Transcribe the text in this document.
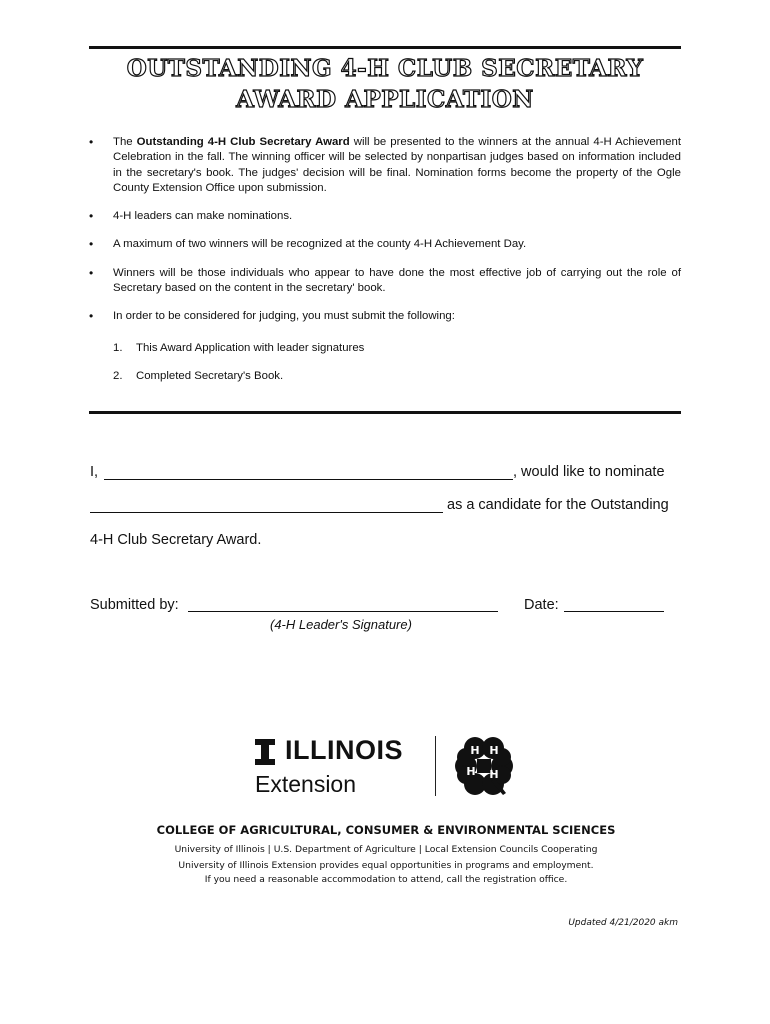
OUTSTANDING 4-H CLUB SECRETARY
AWARD APPLICATION
• The Outstanding 4-H Club Secretary Award will be presented to the winners at the annual 4-H Achievement Celebration in the fall. The winning officer will be selected by nonpartisan judges based on information included in the secretary's book. The judges' decision will be final. Nomination forms become the property of the Ogle County Extension Office upon submission.
• 4-H leaders can make nominations.
• A maximum of two winners will be recognized at the county 4-H Achievement Day.
• Winners will be those individuals who appear to have done the most effective job of carrying out the role of Secretary based on the content in the secretary' book.
• In order to be considered for judging, you must submit the following:
1. This Award Application with leader signatures
2. Completed Secretary's Book.
I,	, would like to nominate
as a candidate for the Outstanding
4-H Club Secretary Award.
Submitted by:	Date:
(4-H Leader's Signature)
ILLINOIS
Extension
H H
H H
COLLEGE OF AGRICULTURAL, CONSUMER & ENVIRONMENTAL SCIENCES
University of Illinois | U.S. Department of Agriculture | Local Extension Councils Cooperating
University of Illinois Extension provides equal opportunities in programs and employment.
If you need a reasonable accommodation to attend, call the registration office.
Updated 4/21/2020 akm
